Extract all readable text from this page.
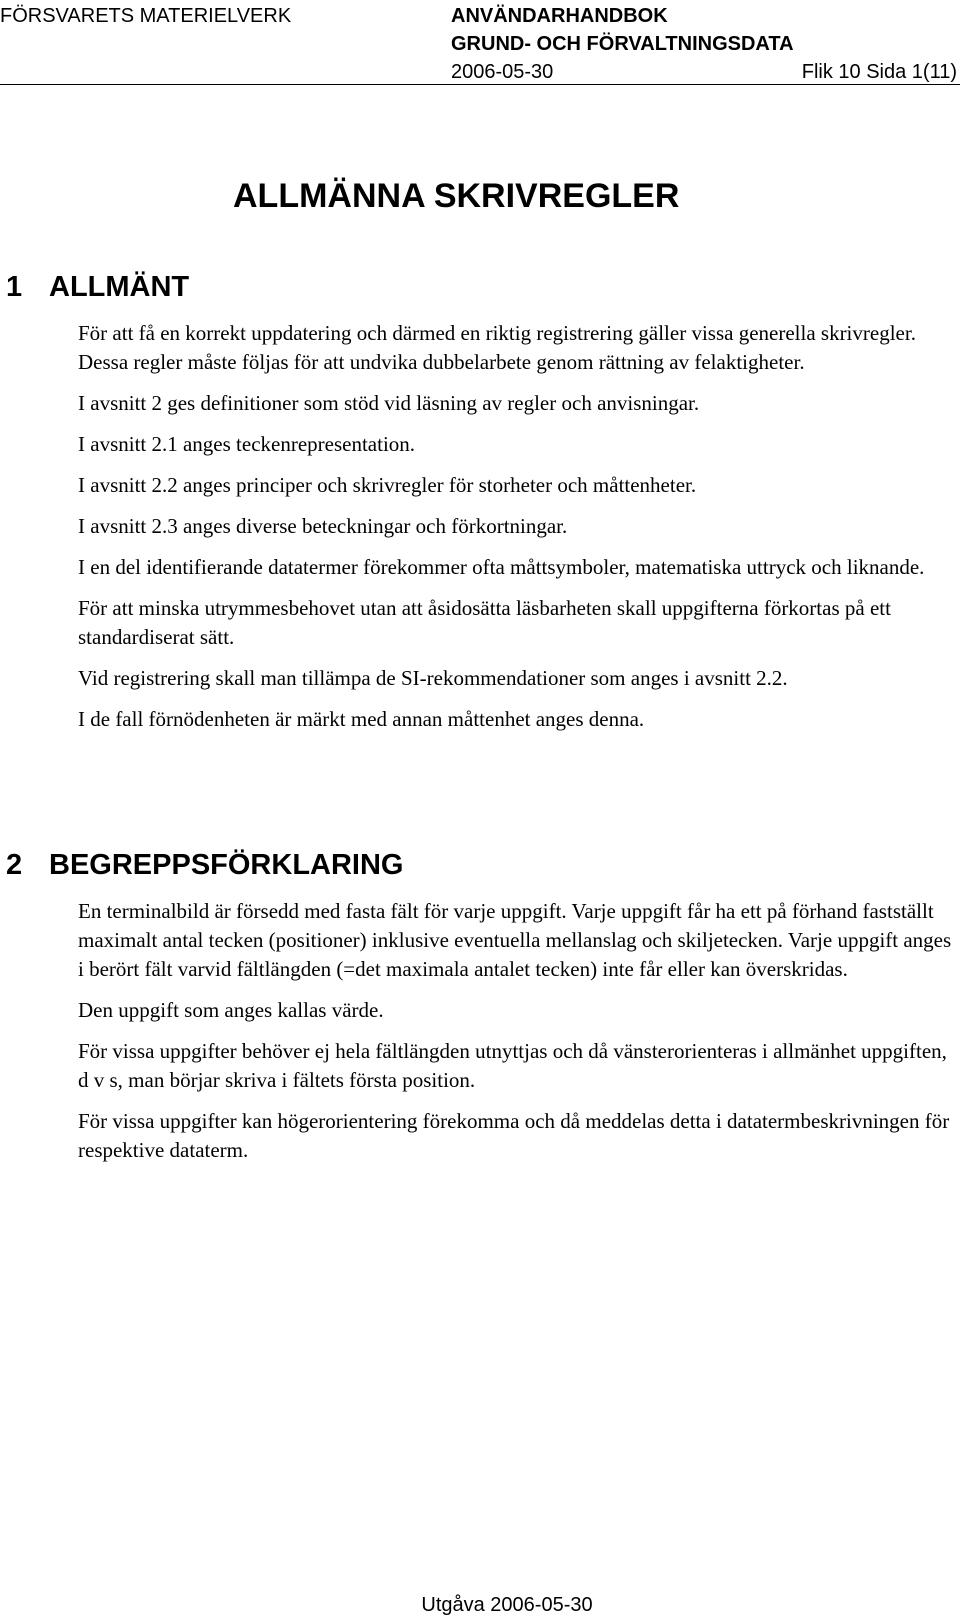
FÖRSVARETS MATERIELVERK	ANVÄNDARHANDBOK
GRUND- OCH FÖRVALTNINGSDATA
2006-05-30	Flik 10 Sida 1(11)
ALLMÄNNA SKRIVREGLER
1 ALLMÄNT

För att få en korrekt uppdatering och därmed en riktig registrering gäller vissa generella skrivregler. Dessa regler måste följas för att undvika dubbelarbete genom rättning av felaktigheter.

I avsnitt 2 ges definitioner som stöd vid läsning av regler och anvisningar.

I avsnitt 2.1 anges teckenrepresentation.

I avsnitt 2.2 anges principer och skrivregler för storheter och måttenheter.

I avsnitt 2.3 anges diverse beteckningar och förkortningar.

I en del identifierande datatermer förekommer ofta måttsymboler, matematiska uttryck och liknande.

För att minska utrymmesbehovet utan att åsidosätta läsbarheten skall uppgifterna förkortas på ett standardiserat sätt.

Vid registrering skall man tillämpa de SI-rekommendationer som anges i avsnitt 2.2.

I de fall förnödenheten är märkt med annan måttenhet anges denna.

2 BEGREPPSFÖRKLARING

En terminalbild är försedd med fasta fält för varje uppgift. Varje uppgift får ha ett på förhand fastställt maximalt antal tecken (positioner) inklusive eventuella mellanslag och skiljetecken. Varje uppgift anges i berört fält varvid fältlängden (=det maximala antalet tecken) inte får eller kan överskridas.

Den uppgift som anges kallas värde.

För vissa uppgifter behöver ej hela fältlängden utnyttjas och då vänsterorienteras i allmänhet uppgiften, d v s, man börjar skriva i fältets första position.

För vissa uppgifter kan högerorientering förekomma och då meddelas detta i datatermbeskrivningen för respektive dataterm.

Utgåva 2006-05-30
